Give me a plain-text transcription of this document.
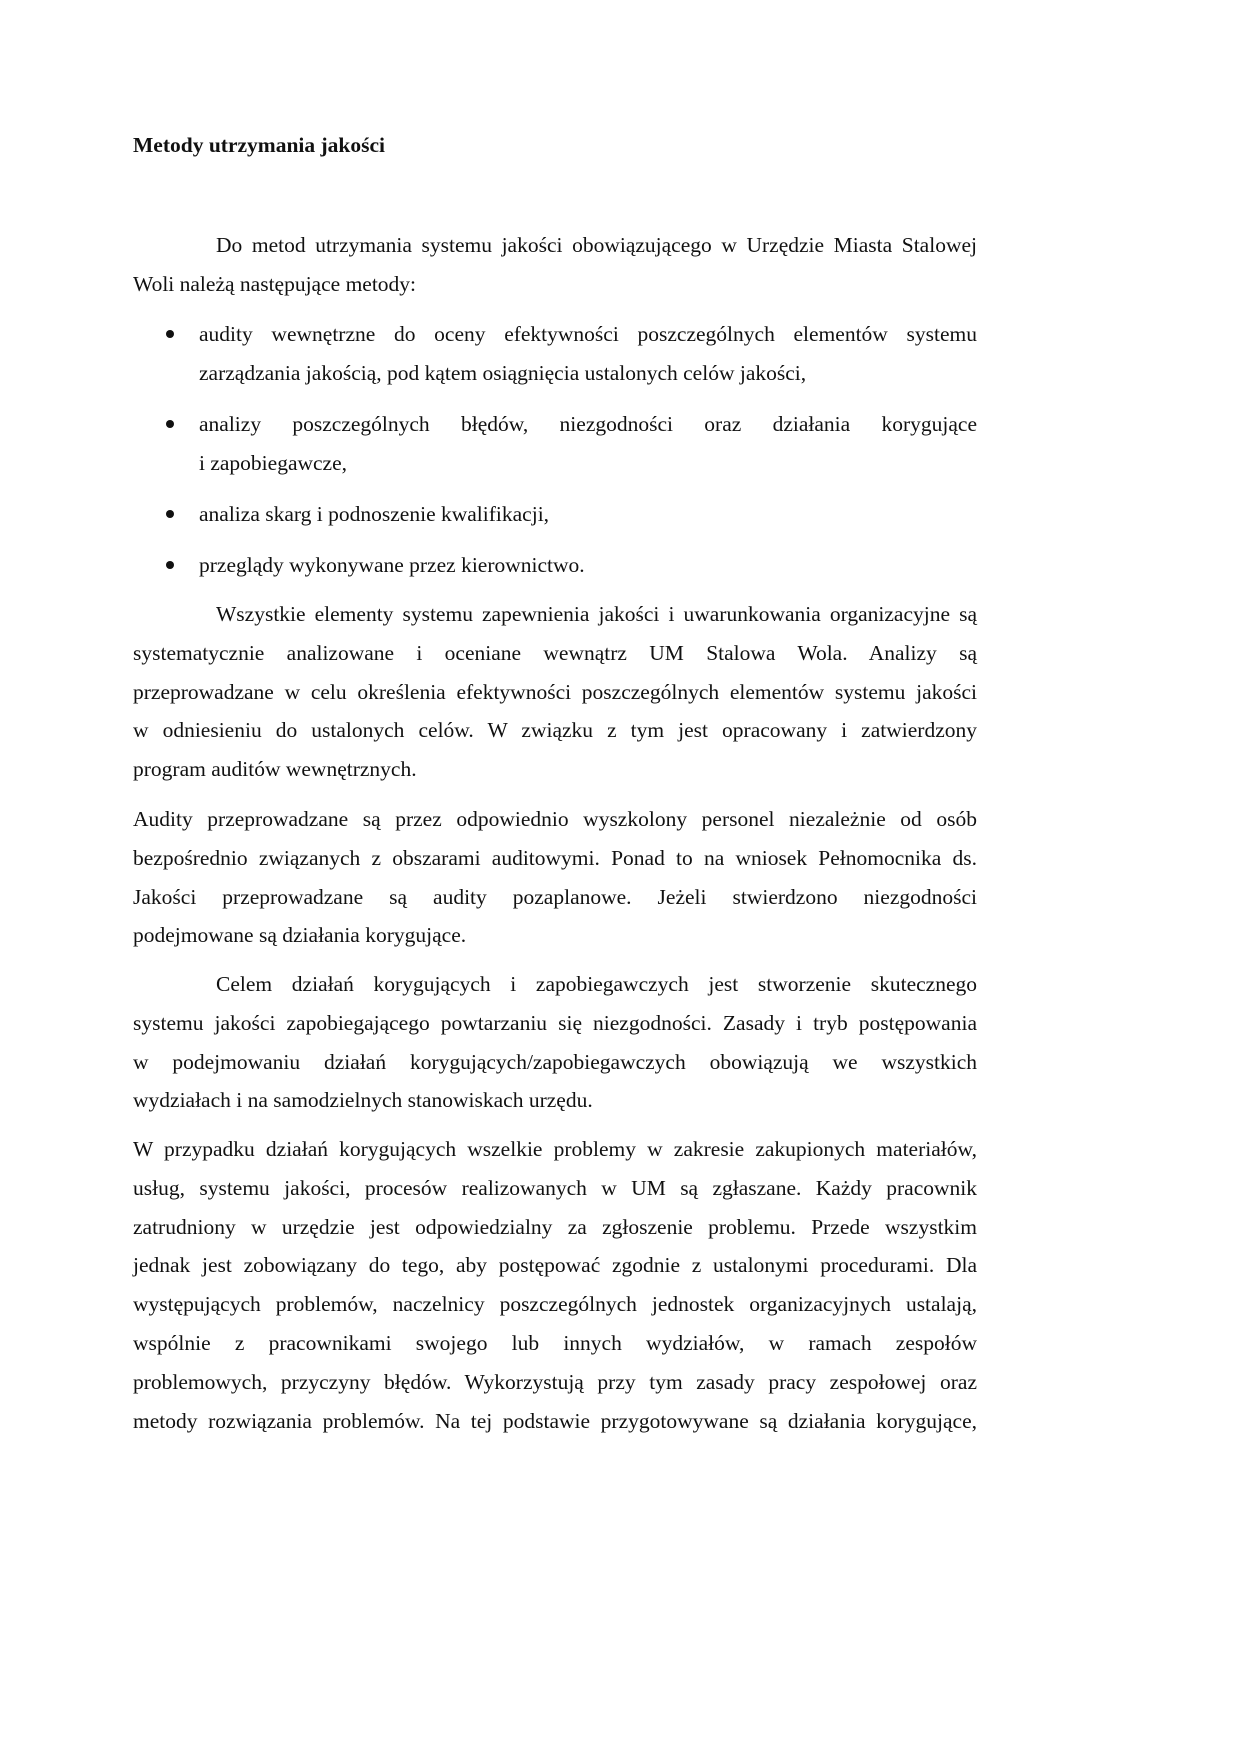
Metody utrzymania jakości
Do metod utrzymania systemu jakości obowiązującego w Urzędzie Miasta Stalowej
Woli należą następujące metody:
audity wewnętrzne do oceny efektywności poszczególnych elementów systemu
zarządzania jakością, pod kątem osiągnięcia ustalonych celów jakości,
analizy poszczególnych błędów, niezgodności oraz działania korygujące
i zapobiegawcze,
analiza skarg i podnoszenie kwalifikacji,
przeglądy wykonywane przez kierownictwo.
Wszystkie elementy systemu zapewnienia jakości i uwarunkowania organizacyjne są
systematycznie analizowane i oceniane wewnątrz UM Stalowa Wola. Analizy są
przeprowadzane w celu określenia efektywności poszczególnych elementów systemu jakości
w odniesieniu do ustalonych celów. W związku z tym jest opracowany i zatwierdzony
program auditów wewnętrznych.
Audity przeprowadzane są przez odpowiednio wyszkolony personel niezależnie od osób
bezpośrednio związanych z obszarami auditowymi. Ponad to na wniosek Pełnomocnika ds.
Jakości przeprowadzane są audity pozaplanowe. Jeżeli stwierdzono niezgodności
podejmowane są działania korygujące.
Celem działań korygujących i zapobiegawczych jest stworzenie skutecznego
systemu jakości zapobiegającego powtarzaniu się niezgodności. Zasady i tryb postępowania
w podejmowaniu działań korygujących/zapobiegawczych obowiązują we wszystkich
wydziałach i na samodzielnych stanowiskach urzędu.
W przypadku działań korygujących wszelkie problemy w zakresie zakupionych materiałów,
usług, systemu jakości, procesów realizowanych w UM są zgłaszane. Każdy pracownik
zatrudniony w urzędzie jest odpowiedzialny za zgłoszenie problemu. Przede wszystkim
jednak jest zobowiązany do tego, aby postępować zgodnie z ustalonymi procedurami. Dla
występujących problemów, naczelnicy poszczególnych jednostek organizacyjnych ustalają,
wspólnie z pracownikami swojego lub innych wydziałów, w ramach zespołów
problemowych, przyczyny błędów. Wykorzystują przy tym zasady pracy zespołowej oraz
metody rozwiązania problemów. Na tej podstawie przygotowywane są działania korygujące,
